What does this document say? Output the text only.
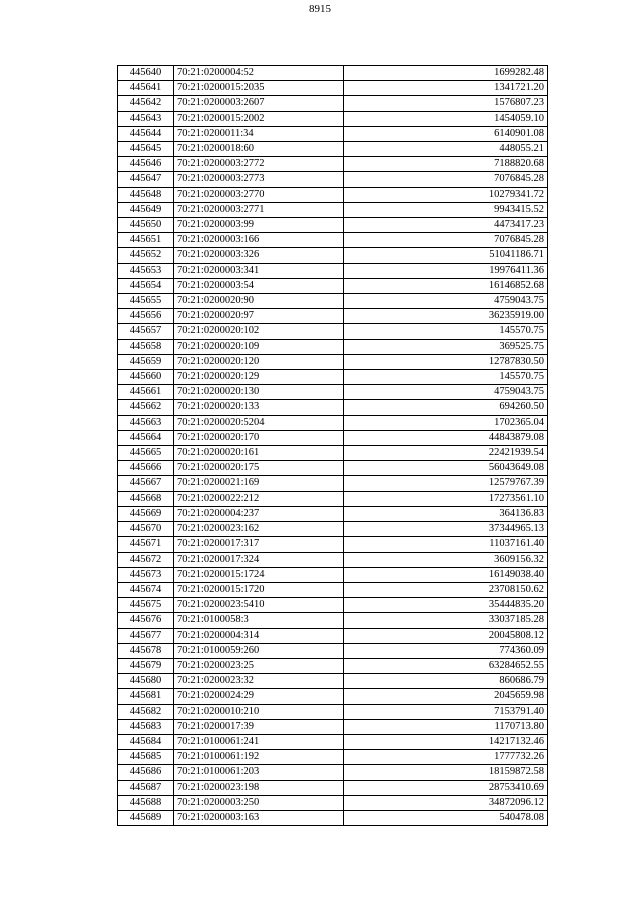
8915
445640	70:21:0200004:52	1699282.48
445641	70:21:0200015:2035	1341721.20
445642	70:21:0200003:2607	1576807.23
445643	70:21:0200015:2002	1454059.10
445644	70:21:0200011:34	6140901.08
445645	70:21:0200018:60	448055.21
445646	70:21:0200003:2772	7188820.68
445647	70:21:0200003:2773	7076845.28
445648	70:21:0200003:2770	10279341.72
445649	70:21:0200003:2771	9943415.52
445650	70:21:0200003:99	4473417.23
445651	70:21:0200003:166	7076845.28
445652	70:21:0200003:326	51041186.71
445653	70:21:0200003:341	19976411.36
445654	70:21:0200003:54	16146852.68
445655	70:21:0200020:90	4759043.75
445656	70:21:0200020:97	36235919.00
445657	70:21:0200020:102	145570.75
445658	70:21:0200020:109	369525.75
445659	70:21:0200020:120	12787830.50
445660	70:21:0200020:129	145570.75
445661	70:21:0200020:130	4759043.75
445662	70:21:0200020:133	694260.50
445663	70:21:0200020:5204	1702365.04
445664	70:21:0200020:170	44843879.08
445665	70:21:0200020:161	22421939.54
445666	70:21:0200020:175	56043649.08
445667	70:21:0200021:169	12579767.39
445668	70:21:0200022:212	17273561.10
445669	70:21:0200004:237	364136.83
445670	70:21:0200023:162	37344965.13
445671	70:21:0200017:317	11037161.40
445672	70:21:0200017:324	3609156.32
445673	70:21:0200015:1724	16149038.40
445674	70:21:0200015:1720	23708150.62
445675	70:21:0200023:5410	35444835.20
445676	70:21:0100058:3	33037185.28
445677	70:21:0200004:314	20045808.12
445678	70:21:0100059:260	774360.09
445679	70:21:0200023:25	63284652.55
445680	70:21:0200023:32	860686.79
445681	70:21:0200024:29	2045659.98
445682	70:21:0200010:210	7153791.40
445683	70:21:0200017:39	1170713.80
445684	70:21:0100061:241	14217132.46
445685	70:21:0100061:192	1777732.26
445686	70:21:0100061:203	18159872.58
445687	70:21:0200023:198	28753410.69
445688	70:21:0200003:250	34872096.12
445689	70:21:0200003:163	540478.08
